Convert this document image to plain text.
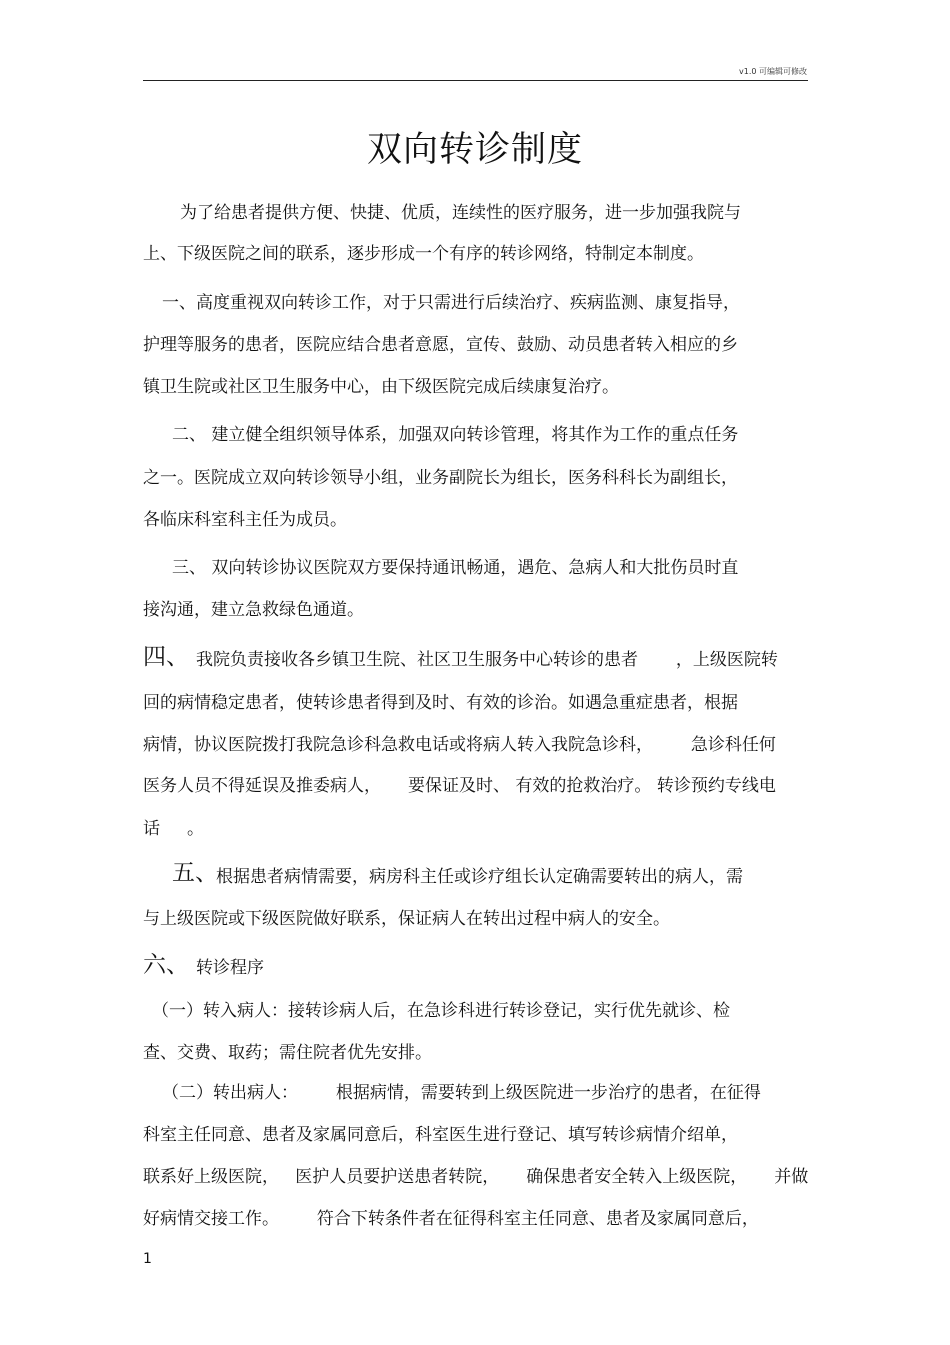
v1.0 可编辑可修改
双向转诊制度
为了给患者提供方便、快捷、优质，连续性的医疗服务，进一步加强我院与
上、下级医院之间的联系，逐步形成一个有序的转诊网络，特制定本制度。
一、高度重视双向转诊工作，对于只需进行后续治疗、疾病监测、康复指导，
护理等服务的患者，医院应结合患者意愿，宣传、鼓励、动员患者转入相应的乡
镇卫生院或社区卫生服务中心，由下级医院完成后续康复治疗。
二、 建立健全组织领导体系，加强双向转诊管理，将其作为工作的重点任务
之一。医院成立双向转诊领导小组，业务副院长为组长，医务科科长为副组长，
各临床科室科主任为成员。
三、 双向转诊协议医院双方要保持通讯畅通，遇危、急病人和大批伤员时直
接沟通，建立急救绿色通道。
四、 我院负责接收各乡镇卫生院、社区卫生服务中心转诊的患者       ，上级医院转
回的病情稳定患者，使转诊患者得到及时、有效的诊治。如遇急重症患者，根据
病情，协议医院拨打我院急诊科急救电话或将病人转入我院急诊科，       急诊科任何
医务人员不得延误及推委病人，     要保证及时、 有效的抢救治疗。 转诊预约专线电
话     。
五、
根据患者病情需要，病房科主任或诊疗组长认定确需要转出的病人，需
与上级医院或下级医院做好联系，保证病人在转出过程中病人的安全。
六、 转诊程序
（一）转入病人：接转诊病人后，在急诊科进行转诊登记，实行优先就诊、检
查、交费、取药；需住院者优先安排。
（二）转出病人：       根据病情，需要转到上级医院进一步治疗的患者，在征得
科室主任同意、患者及家属同意后，科室医生进行登记、填写转诊病情介绍单，
联系好上级医院，   医护人员要护送患者转院，     确保患者安全转入上级医院，     并做
好病情交接工作。       符合下转条件者在征得科室主任同意、患者及家属同意后，
1
